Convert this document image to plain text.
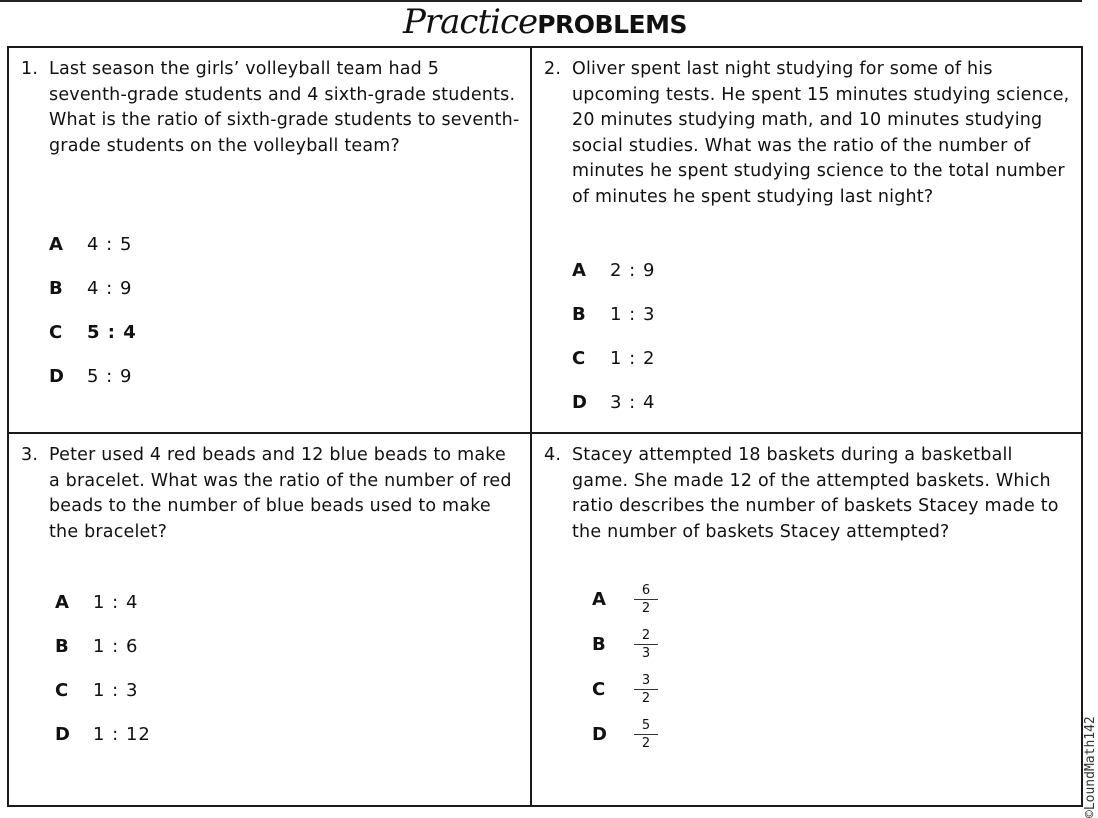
PracticePROBLEMS
1. Last season the girls’ volleyball team had 5 seventh-grade students and 4 sixth-grade students. What is the ratio of sixth-grade students to seventh-grade students on the volleyball team?
A	4 : 5
B	4 : 9
C	5 : 4
D	5 : 9
2. Oliver spent last night studying for some of his upcoming tests. He spent 15 minutes studying science, 20 minutes studying math, and 10 minutes studying social studies. What was the ratio of the number of minutes he spent studying science to the total number of minutes he spent studying last night?
A	2 : 9
B	1 : 3
C	1 : 2
D	3 : 4
3. Peter used 4 red beads and 12 blue beads to make a bracelet. What was the ratio of the number of red beads to the number of blue beads used to make the bracelet?
A	1 : 4
B	1 : 6
C	1 : 3
D	1 : 12
4. Stacey attempted 18 baskets during a basketball game. She made 12 of the attempted baskets. Which ratio describes the number of baskets Stacey made to the number of baskets Stacey attempted?
A	$\frac{6}{2}$
B	$\frac{2}{3}$
C	$\frac{3}{2}$
D	$\frac{5}{2}$	©LoundMath142
